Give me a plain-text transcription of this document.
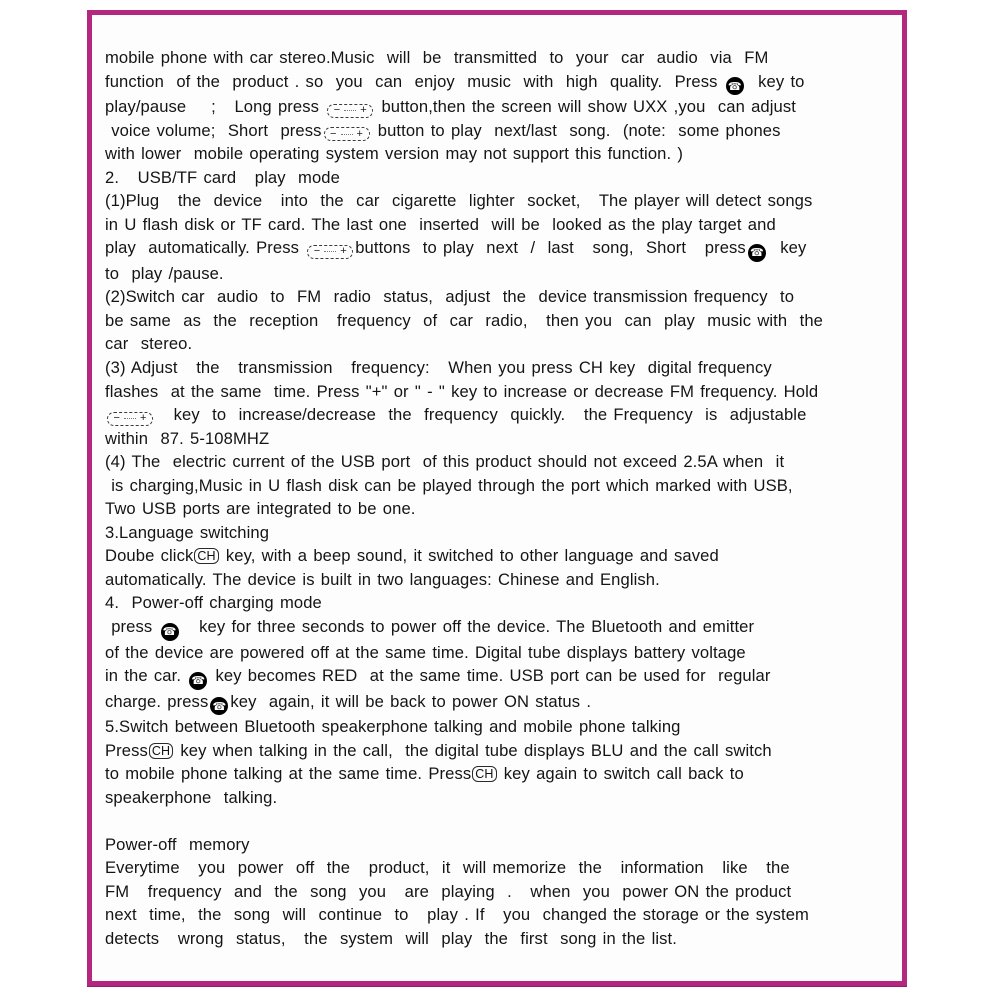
mobile phone with car stereo.Music  will  be  transmitted  to  your  car  audio  via  FM
function  of the  product . so  you  can  enjoy  music  with  high  quality.  Press ☎  key to
play/pause    ;   Long press − + button,then the screen will show UXX ,you  can adjust
voice volume;  Short  press − + button to play  next/last  song.  (note:  some phones
with lower  mobile operating system version may not support this function. )
2.   USB/TF card   play  mode
(1)Plug   the  device   into  the  car  cigarette  lighter  socket,   The player will detect songs
in U flash disk or TF card. The last one  inserted  will be  looked as the play target and
play  automatically. Press − + buttons  to play  next  /  last   song,  Short   press ☎  key
to  play /pause.
(2)Switch car  audio  to  FM  radio  status,  adjust  the  device transmission frequency  to
be same  as  the  reception   frequency  of  car  radio,   then you  can  play  music with  the
car  stereo.
(3) Adjust   the   transmission   frequency:   When you press CH key  digital frequency
flashes  at the same  time. Press "+" or " - " key to increase or decrease FM frequency. Hold
− + key  to  increase/decrease  the  frequency  quickly.   the Frequency  is  adjustable
within  87. 5-108MHZ
(4) The  electric current of the USB port  of this product should not exceed 2.5A when  it
is charging,Music in U flash disk can be played through the port which marked with USB,
Two USB ports are integrated to be one.
3.Language switching
Doube click CH key, with a beep sound, it switched to other language and saved
automatically. The device is built in two languages: Chinese and English.
4.  Power-off charging mode
press ☎   key for three seconds to power off the device. The Bluetooth and emitter
of the device are powered off at the same time. Digital tube displays battery voltage
in the car. ☎ key becomes RED  at the same time. USB port can be used for  regular
charge. press ☎ key  again, it will be back to power ON status .
5.Switch between Bluetooth speakerphone talking and mobile phone talking
Press CH key when talking in the call,  the digital tube displays BLU and the call switch
to mobile phone talking at the same time. Press CH key again to switch call back to
speakerphone  talking.
Power-off  memory
Everytime   you  power  off  the   product,  it  will memorize  the   information   like   the
FM   frequency  and  the  song  you   are  playing  .   when  you  power ON the product
next  time,  the  song  will  continue  to   play . If   you  changed the storage or the system
detects   wrong  status,   the  system  will  play  the  first  song in the list.
